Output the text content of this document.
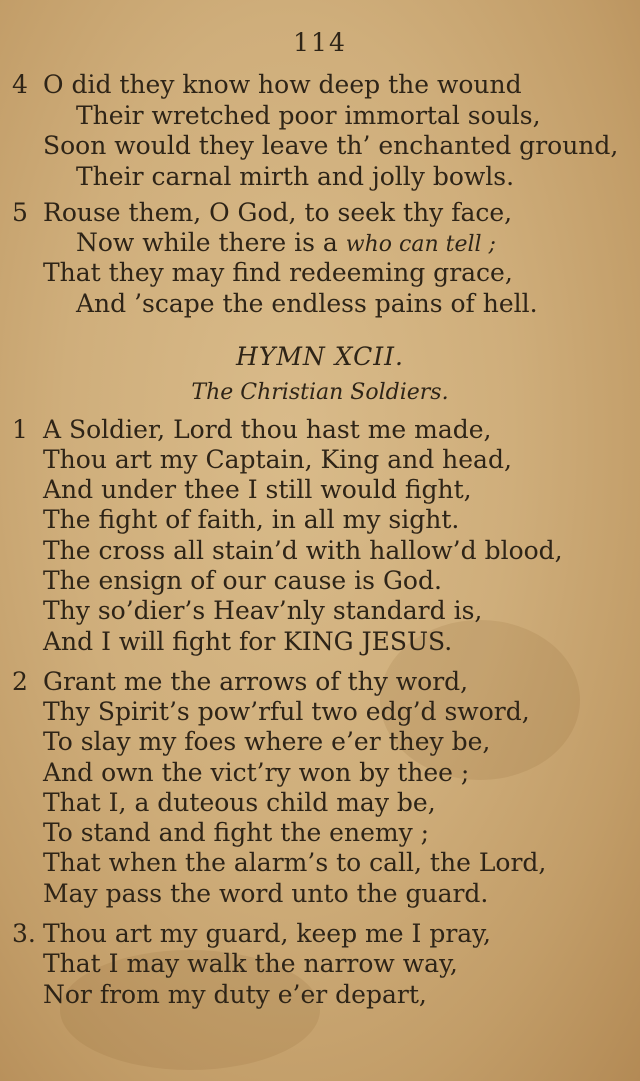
114
4 O did they know how deep the wound
Their wretched poor immortal souls,
Soon would they leave th’ enchanted ground,
Their carnal mirth and jolly bowls.
5 Rouse them, O God, to seek thy face,
Now while there is a who can tell ;
That they may find redeeming grace,
And ’scape the endless pains of hell.
HYMN XCII.
The Christian Soldiers.
1 A Soldier, Lord thou hast me made,
Thou art my Captain, King and head,
And under thee I still would fight,
The fight of faith, in all my sight.
The cross all stain’d with hallow’d blood,
The ensign of our cause is God.
Thy so’dier’s Heav’nly standard is,
And I will fight for KING JESUS.
2 Grant me the arrows of thy word,
Thy Spirit’s pow’rful two edg’d sword,
To slay my foes where e’er they be,
And own the vict’ry won by thee ;
That I, a duteous child may be,
To stand and fight the enemy ;
That when the alarm’s to call, the Lord,
May pass the word unto the guard.
3. Thou art my guard, keep me I pray,
That I may walk the narrow way,
Nor from my duty e’er depart,
